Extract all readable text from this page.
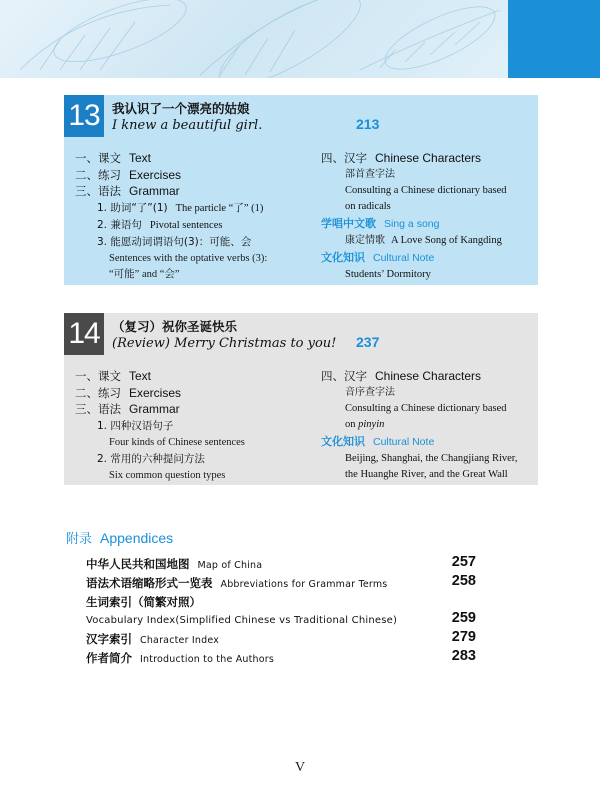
13 我认识了一个漂亮的姑娘
I knew a beautiful girl.	213
一、课文 Text
二、练习 Exercises
三、语法 Grammar
1. 助词“了”(1) The particle “了” (1)
2. 兼语句 Pivotal sentences
3. 能愿动词谓语句(3)：可能、会
Sentences with the optative verbs (3):
“可能” and “会”
四、汉字 Chinese Characters
部首查字法
Consulting a Chinese dictionary based
on radicals
学唱中文歌 Sing a song
康定情歌 A Love Song of Kangding
文化知识 Cultural Note
Students’ Dormitory
14 （复习）祝你圣诞快乐
(Review) Merry Christmas to you! 237
一、课文 Text
二、练习 Exercises
三、语法 Grammar
1. 四种汉语句子
Four kinds of Chinese sentences
2. 常用的六种提问方法
Six common question types
四、汉字 Chinese Characters
音序查字法
Consulting a Chinese dictionary based
on pinyin
文化知识 Cultural Note
Beijing, Shanghai, the Changjiang River,
the Huanghe River, and the Great Wall
附录 Appendices
中华人民共和国地图 Map of China	257
语法术语缩略形式一览表 Abbreviations for Grammar Terms	258
生词索引（简繁对照）
Vocabulary Index(Simplified Chinese vs Traditional Chinese)	259
汉字索引 Character Index	279
作者简介 Introduction to the Authors	283
V
